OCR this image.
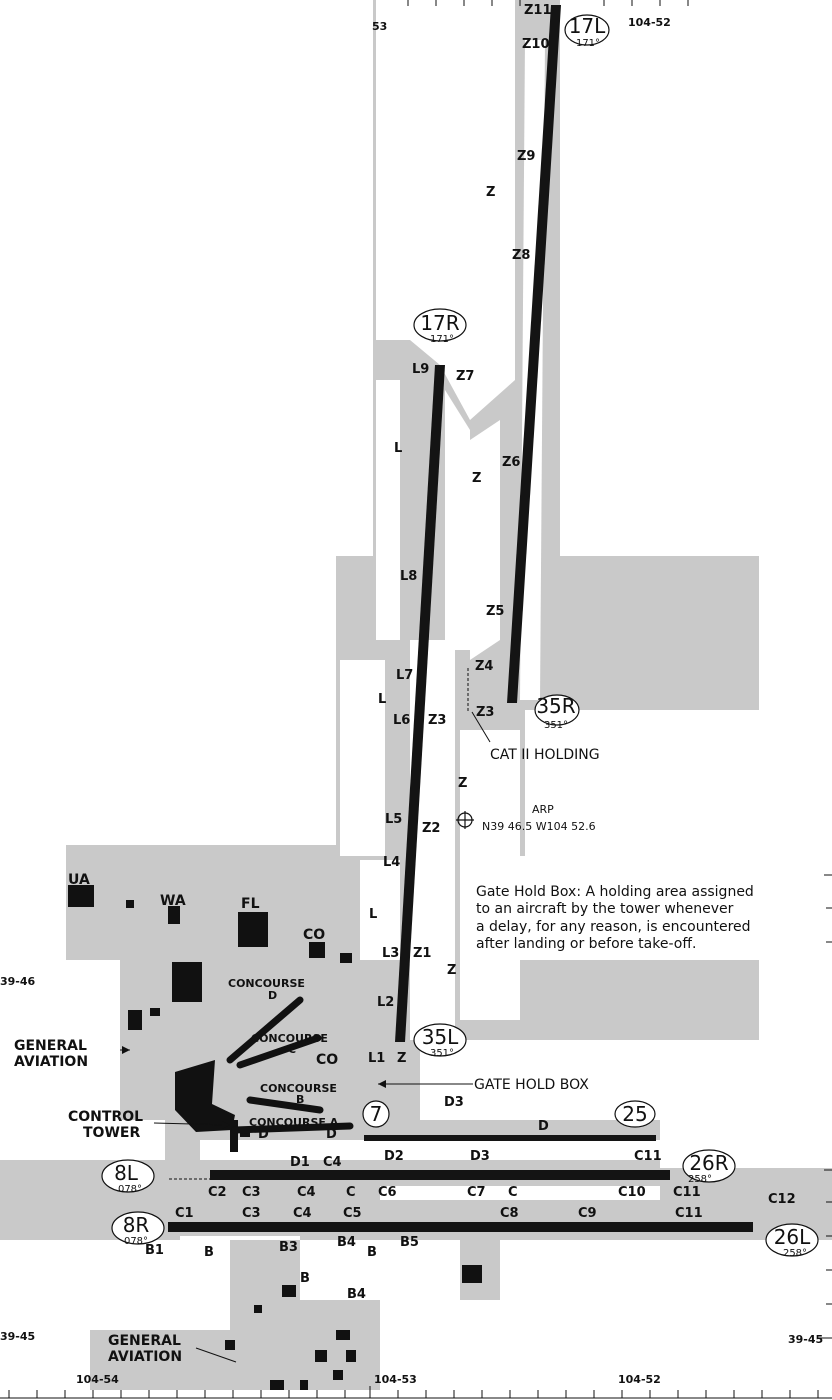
53	104-52
104-54	104-53	104-52
39-46
39-45	39-45
17L
171°
35R
351°
17R
171°
35L
351°
7	25
8L
078°
26R
258°
8R
078°	26L
258°
Z11
Z10
Z9
Z
Z8
Z7
L9
L
Z6
Z
L8
Z5
Z4
L7
L
L6 Z3
Z3
Z
L5
Z2
L4
L
L3 Z1
Z
L2
L1 Z
D3
D
D	D
D1 C4	D2	D3	C11
C2 C3	C4 C C6	C7 C	C10 C11	C12
C1	C3 C4 C5	C8	C9	C11
B1	B	B3	B4
B
B5
B
B4
CAT II HOLDING
ARP
N39 46.5 W104 52.6
GATE HOLD BOX
Gate Hold Box: A holding area assigned
to an aircraft by the tower whenever
a delay, for any reason, is encountered
after landing or before take-off.
CONCOURSE
D
CONCOURSE
C
CONCOURSE
B
CONCOURSE A
UA
WA	FL
CO
CO
GENERAL
AVIATION
CONTROL
TOWER
GENERAL
AVIATION
